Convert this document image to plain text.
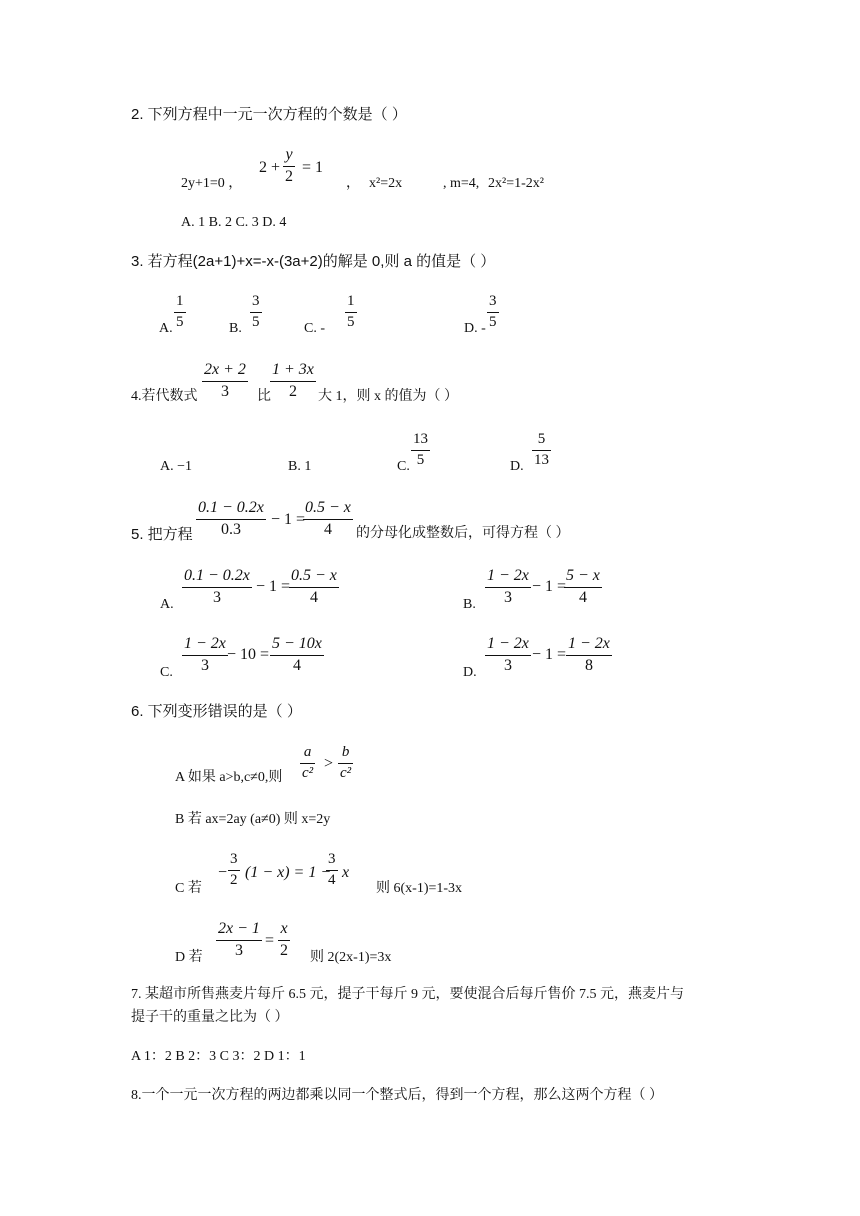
2. 下列方程中一元一次方程的个数是（ ）
2y+1=0 ，
2 +
y
2
= 1
， x²=2x	, m=4, 2x²=1-2x²
A. 1 B. 2 C. 3 D. 4
3. 若方程(2a+1)+x=-x-(3a+2)的解是 0,则 a 的值是（ ）
A.
1
5	B.
3
5	C. -
1
5	D. -
3
5
4.若代数式
2x + 2
3 比
1 + 3x
2 大 1，则 x 的值为（ ）
A. −1	B. 1	C.
13
5	D.
5
13
5. 把方程
0.1 − 0.2x
0.3
− 1 =
0.5 − x
4 的分母化成整数后，可得方程（ ）
A.
0.1 − 0.2x
3
− 1 =
0.5 − x
4	B.
1 − 2x
3
− 1 =
5 − x
4
C.
1 − 2x
3
− 10 =
5 − 10x
4	D.
1 − 2x
3
− 1 =
1 − 2x
8
6. 下列变形错误的是（ ）
A 如果 a>b,c≠0,则
a
c²
>
b
c²
B 若 ax=2ay (a≠0) 则 x=2y
C 若
−
3
2 (1 − x) = 1 −
3
4 x
则 6(x-1)=1-3x
D 若
2x − 1
3
=
x
2 则 2(2x-1)=3x
7. 某超市所售燕麦片每斤 6.5 元，提子干每斤 9 元，要使混合后每斤售价 7.5 元，燕麦片与
提子干的重量之比为（ ）
A 1：2 B 2：3 C 3：2 D 1：1
8.一个一元一次方程的两边都乘以同一个整式后，得到一个方程，那么这两个方程（ ）
